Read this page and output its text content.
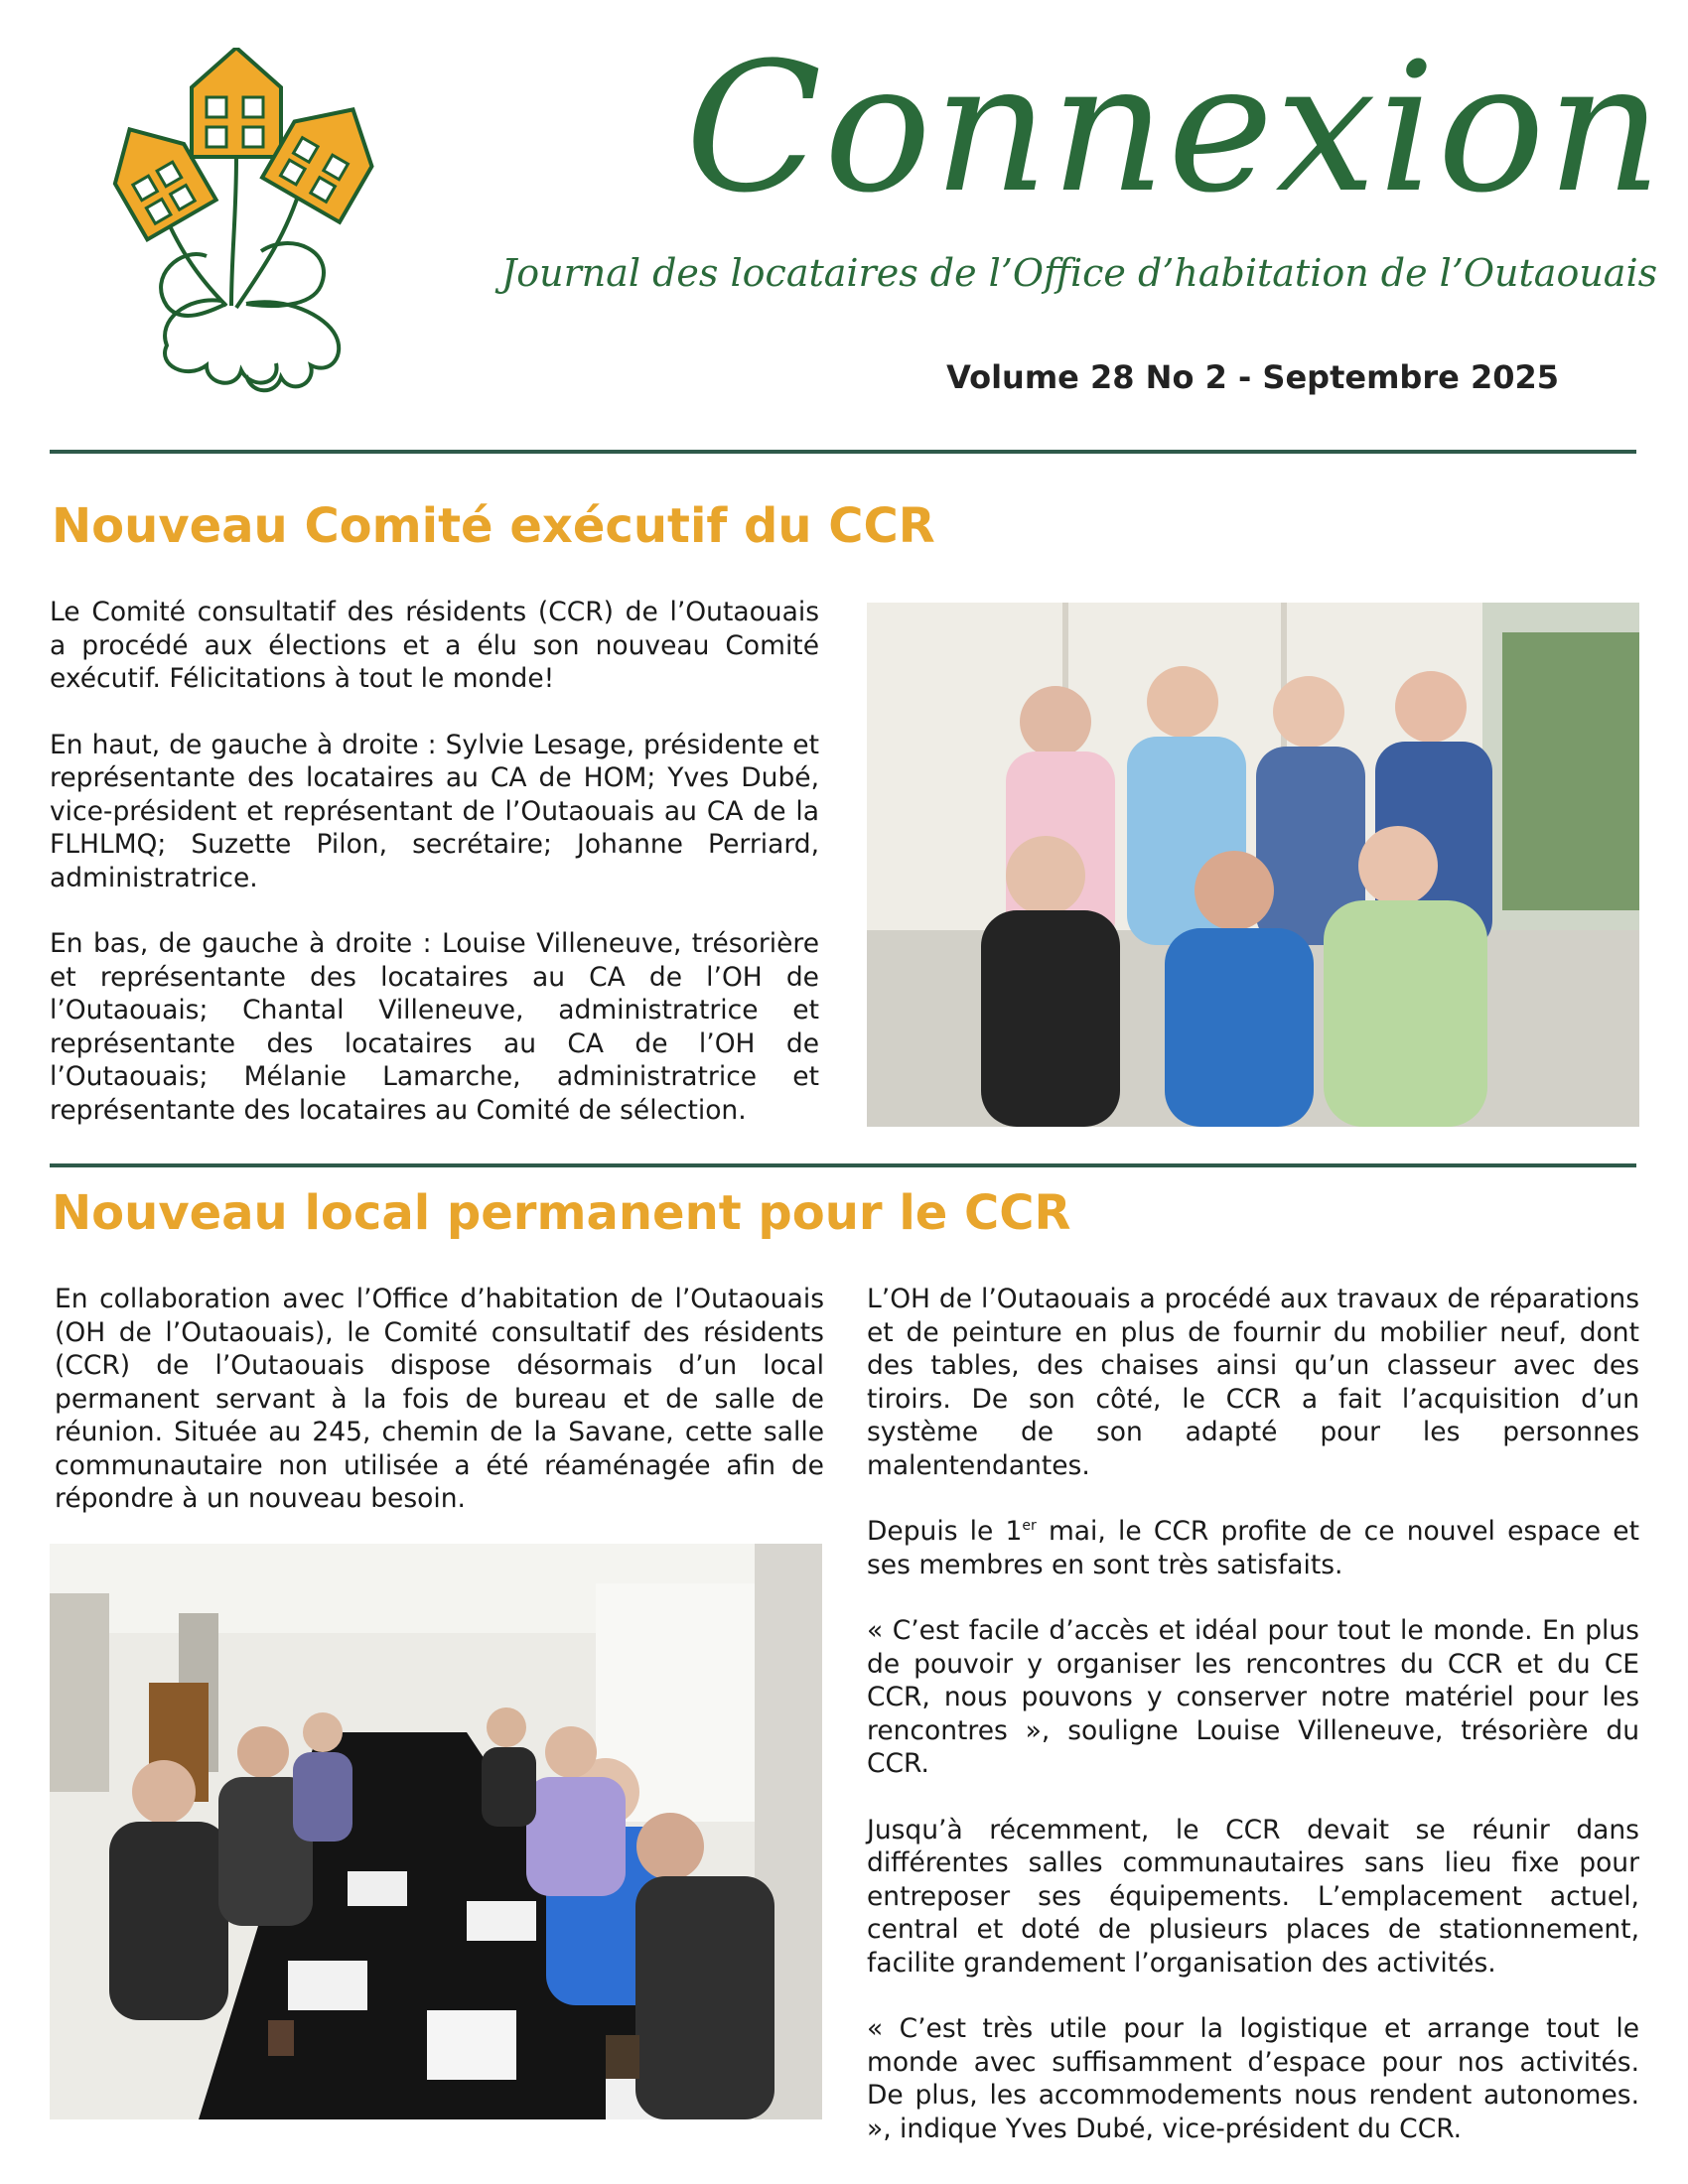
Connexion
Journal des locataires de l’Office d’habitation de l’Outaouais
Volume 28 No 2 - Septembre 2025
Nouveau Comité exécutif du CCR

Le Comité consultatif des résidents (CCR) de l’Outaouais a procédé aux élections et a élu son nouveau Comité exécutif. Félicitations à tout le monde!

En haut, de gauche à droite : Sylvie Lesage, présidente et représentante des locataires au CA de HOM; Yves Dubé, vice-président et représentant de l’Outaouais au CA de la FLHLMQ; Suzette Pilon, secrétaire; Johanne Perriard, administratrice.

En bas, de gauche à droite : Louise Villeneuve, trésorière et représentante des locataires au CA de l’OH de l’Outaouais; Chantal Villeneuve, administratrice et représentante des locataires au CA de l’OH de l’Outaouais; Mélanie Lamarche, administratrice et représentante des locataires au Comité de sélection.

Nouveau local permanent pour le CCR

En collaboration avec l’Office d’habitation de l’Outaouais (OH de l’Outaouais), le Comité consultatif des résidents (CCR) de l’Outaouais dispose désormais d’un local permanent servant à la fois de bureau et de salle de réunion. Située au 245, chemin de la Savane, cette salle communautaire non utilisée a été réaménagée afin de répondre à un nouveau besoin.

L’OH de l’Outaouais a procédé aux travaux de réparations et de peinture en plus de fournir du mobilier neuf, dont des tables, des chaises ainsi qu’un classeur avec des tiroirs. De son côté, le CCR a fait l’acquisition d’un système de son adapté pour les personnes malentendantes.

Depuis le 1er mai, le CCR profite de ce nouvel espace et ses membres en sont très satisfaits.

« C’est facile d’accès et idéal pour tout le monde. En plus de pouvoir y organiser les rencontres du CCR et du CE CCR, nous pouvons y conserver notre matériel pour les rencontres », souligne Louise Villeneuve, trésorière du CCR.

Jusqu’à récemment, le CCR devait se réunir dans différentes salles communautaires sans lieu fixe pour entreposer ses équipements. L’emplacement actuel, central et doté de plusieurs places de stationnement, facilite grandement l’organisation des activités.

« C’est très utile pour la logistique et arrange tout le monde avec suffisamment d’espace pour nos activités. De plus, les accommodements nous rendent autonomes. », indique Yves Dubé, vice-président du CCR.
